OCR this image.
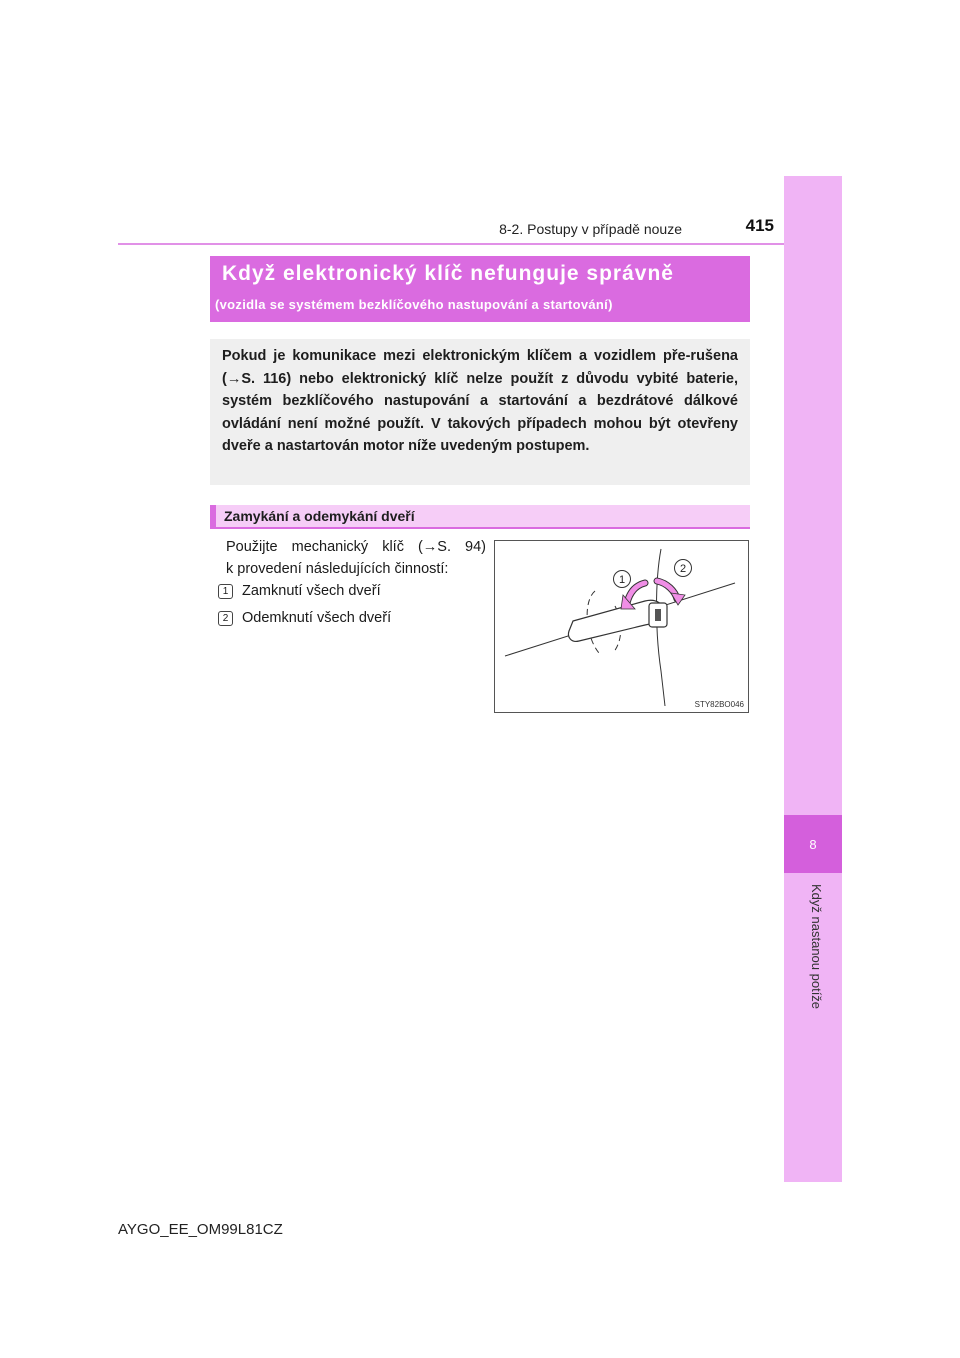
8
Když nastanou potíže
8-2. Postupy v případě nouze	415
Když elektronický klíč nefunguje správně
(vozidla se systémem bezklíčového nastupování a startování)
Pokud je komunikace mezi elektronickým klíčem a vozidlem pře-rušena (→S. 116) nebo elektronický klíč nelze použít z důvodu vybité baterie, systém bezklíčového nastupování a startování a bezdrátové dálkové ovládání není možné použít. V takových případech mohou být otevřeny dveře a nastartován motor níže uvedeným postupem.
Zamykání a odemykání dveří
Použijte mechanický klíč (→S. 94)
k provedení následujících činností:
1 Zamknutí všech dveří
2 Odemknutí všech dveří
1
2
STY82BO046
AYGO_EE_OM99L81CZ
